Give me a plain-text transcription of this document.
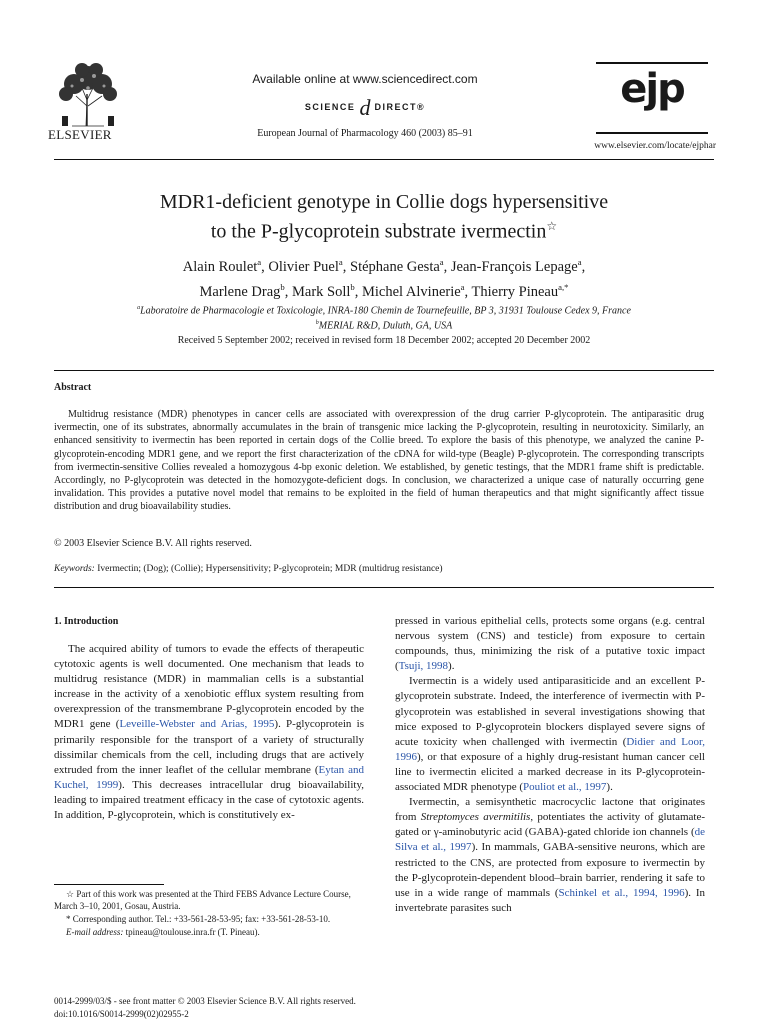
ELSEVIER
Available online at www.sciencedirect.com
SCIENCE d DIRECT®
European Journal of Pharmacology 460 (2003) 85–91
ejp
www.elsevier.com/locate/ejphar
MDR1-deficient genotype in Collie dogs hypersensitive
to the P-glycoprotein substrate ivermectin☆
Alain Roulet$^a$, Olivier Puel$^a$, Stéphane Gesta$^a$, Jean-François Lepage$^a$,
Marlene Drag$^b$, Mark Soll$^b$, Michel Alvinerie$^a$, Thierry Pineau$^{a,*}$
$^a$Laboratoire de Pharmacologie et Toxicologie, INRA-180 Chemin de Tournefeuille, BP 3, 31931 Toulouse Cedex 9, France
$^b$MERIAL R&D, Duluth, GA, USA
Received 5 September 2002; received in revised form 18 December 2002; accepted 20 December 2002
Abstract
Multidrug resistance (MDR) phenotypes in cancer cells are associated with overexpression of the drug carrier P-glycoprotein. The antiparasitic drug ivermectin, one of its substrates, abnormally accumulates in the brain of transgenic mice lacking the P-glycoprotein, resulting in neurotoxicity. Similarly, an enhanced sensitivity to ivermectin has been reported in certain dogs of the Collie breed. To explore the basis of this phenotype, we analyzed the canine P-glycoprotein-encoding MDR1 gene, and we report the first characterization of the cDNA for wild-type (Beagle) P-glycoprotein. The corresponding transcripts from ivermectin-sensitive Collies revealed a homozygous 4-bp exonic deletion. We established, by genetic testings, that the MDR1 frame shift is predictable. Accordingly, no P-glycoprotein was detected in the homozygote-deficient dogs. In conclusion, we characterized a unique case of naturally occurring gene invalidation. This provides a putative novel model that remains to be exploited in the field of human therapeutics and that might significantly affect tissue distribution and drug bioavailability studies.
© 2003 Elsevier Science B.V. All rights reserved.
Keywords: Ivermectin; (Dog); (Collie); Hypersensitivity; P-glycoprotein; MDR (multidrug resistance)
1. Introduction

The acquired ability of tumors to evade the effects of therapeutic cytotoxic agents is well documented. One mechanism that leads to multidrug resistance (MDR) in mammalian cells is a substantial increase in the activity of a xenobiotic efflux system resulting from overexpression of the transmembrane P-glycoprotein encoded by the MDR1 gene (Leveille-Webster and Arias, 1995). P-glycoprotein is primarily responsible for the transport of a variety of structurally dissimilar chemicals from the cell, including drugs that are actively extruded from the inner leaflet of the cellular membrane (Eytan and Kuchel, 1999). This decreases intracellular drug bioavailability, leading to impaired treatment efficacy in the case of cytotoxic agents. In addition, P-glycoprotein, which is constitutively ex-

pressed in various epithelial cells, protects some organs (e.g. central nervous system (CNS) and testicle) from exposure to certain compounds, thus, minimizing the risk of a putative toxic impact (Tsuji, 1998).

Ivermectin is a widely used antiparasiticide and an excellent P-glycoprotein substrate. Indeed, the interference of ivermectin with P-glycoprotein was established in several investigations showing that mice exposed to P-glycoprotein blockers displayed severe signs of acute toxicity when challenged with ivermectin (Didier and Loor, 1996), or that exposure of a highly drug-resistant human cancer cell line to ivermectin elicited a marked decrease in its P-glycoprotein-associated MDR phenotype (Pouliot et al., 1997).

Ivermectin, a semisynthetic macrocyclic lactone that originates from Streptomyces avermitilis, potentiates the activity of glutamate-gated or γ-aminobutyric acid (GABA)-gated chloride ion channels (de Silva et al., 1997). In mammals, GABA-sensitive neurons, which are restricted to the CNS, are protected from exposure to ivermectin by the P-glycoprotein-dependent blood–brain barrier, rendering it safe to use in a wide range of mammals (Schinkel et al., 1994, 1996). In invertebrate parasites such

☆ Part of this work was presented at the Third FEBS Advance Lecture Course, March 3–10, 2001, Gosau, Austria.

* Corresponding author. Tel.: +33-561-28-53-95; fax: +33-561-28-53-10.

E-mail address: tpineau@toulouse.inra.fr (T. Pineau).

0014-2999/03/$ - see front matter © 2003 Elsevier Science B.V. All rights reserved.
doi:10.1016/S0014-2999(02)02955-2
